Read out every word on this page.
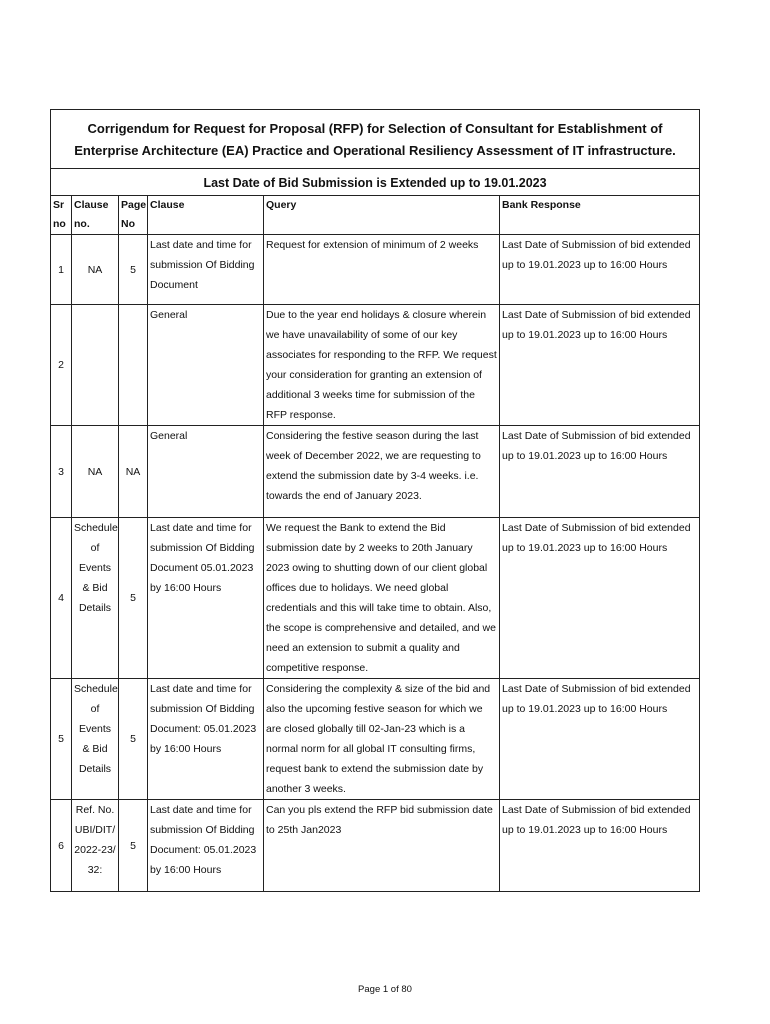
Corrigendum for Request for Proposal (RFP) for Selection of Consultant for Establishment of Enterprise Architecture (EA) Practice and Operational Resiliency Assessment of IT infrastructure.					
Last Date of Bid Submission is Extended up to 19.01.2023					
Sr no	Clause no.	Page No	Clause	Query	Bank Response
1	NA	5	Last date and time for submission Of Bidding Document	Request for extension of minimum of 2 weeks	Last Date of Submission of bid extended up to 19.01.2023 up to 16:00 Hours
2			General	Due to the year end holidays & closure wherein we have unavailability of some of our key associates for responding to the RFP. We request your consideration for granting an extension of additional 3 weeks time for submission of the RFP response.	Last Date of Submission of bid extended up to 19.01.2023 up to 16:00 Hours
3	NA	NA	General	Considering the festive season during the last week of December 2022, we are requesting to extend the submission date by 3-4 weeks. i.e. towards the end of January 2023.	Last Date of Submission of bid extended up to 19.01.2023 up to 16:00 Hours
4	Schedule of Events & Bid Details	5	Last date and time for submission Of Bidding Document 05.01.2023 by 16:00 Hours	We request the Bank to extend the Bid submission date by 2 weeks to 20th January 2023 owing to shutting down of our client global offices due to holidays. We need global credentials and this will take time to obtain. Also, the scope is comprehensive and detailed, and we need an extension to submit a quality and competitive response.	Last Date of Submission of bid extended up to 19.01.2023 up to 16:00 Hours
5	Schedule of Events & Bid Details	5	Last date and time for submission Of Bidding Document: 05.01.2023 by 16:00 Hours	Considering the complexity & size of the bid and also the upcoming festive season for which we are closed globally till 02-Jan-23 which is a normal norm for all global IT consulting firms, request bank to extend the submission date by another 3 weeks.	Last Date of Submission of bid extended up to 19.01.2023 up to 16:00 Hours
6	Ref. No. UBI/DIT/2022-23/32:	5	Last date and time for submission Of Bidding Document: 05.01.2023 by 16:00 Hours	Can you pls extend the RFP bid submission date to 25th Jan2023	Last Date of Submission of bid extended up to 19.01.2023 up to 16:00 Hours
Page 1 of 80
